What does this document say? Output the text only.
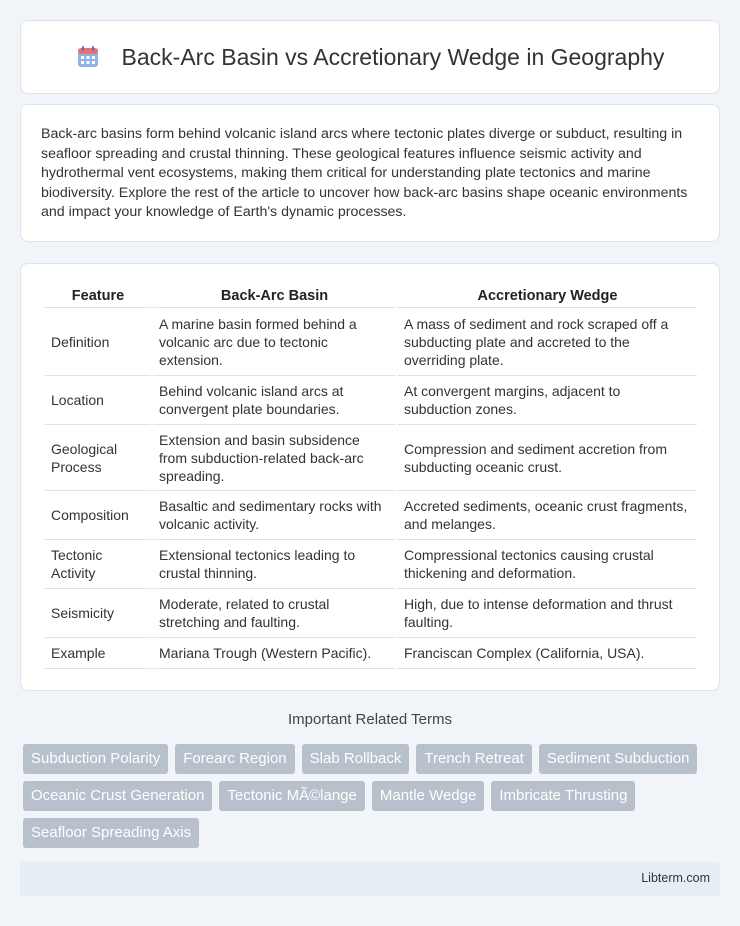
Back-Arc Basin vs Accretionary Wedge in Geography

Back-arc basins form behind volcanic island arcs where tectonic plates diverge or subduct, resulting in seafloor spreading and crustal thinning. These geological features influence seismic activity and hydrothermal vent ecosystems, making them critical for understanding plate tectonics and marine biodiversity. Explore the rest of the article to uncover how back-arc basins shape oceanic environments and impact your knowledge of Earth's dynamic processes.

Feature	Back-Arc Basin	Accretionary Wedge
Definition	A marine basin formed behind a volcanic arc due to tectonic extension.	A mass of sediment and rock scraped off a subducting plate and accreted to the overriding plate.
Location	Behind volcanic island arcs at convergent plate boundaries.	At convergent margins, adjacent to subduction zones.
Geological Process	Extension and basin subsidence from subduction-related back-arc spreading.	Compression and sediment accretion from subducting oceanic crust.
Composition	Basaltic and sedimentary rocks with volcanic activity.	Accreted sediments, oceanic crust fragments, and melanges.
Tectonic Activity	Extensional tectonics leading to crustal thinning.	Compressional tectonics causing crustal thickening and deformation.
Seismicity	Moderate, related to crustal stretching and faulting.	High, due to intense deformation and thrust faulting.
Example	Mariana Trough (Western Pacific).	Franciscan Complex (California, USA).
Important Related Terms
Subduction Polarity	Forearc Region	Slab Rollback	Trench Retreat	Sediment Subduction
Oceanic Crust Generation	Tectonic MÃ©lange	Mantle Wedge	Imbricate Thrusting
Seafloor Spreading Axis
Libterm.com
